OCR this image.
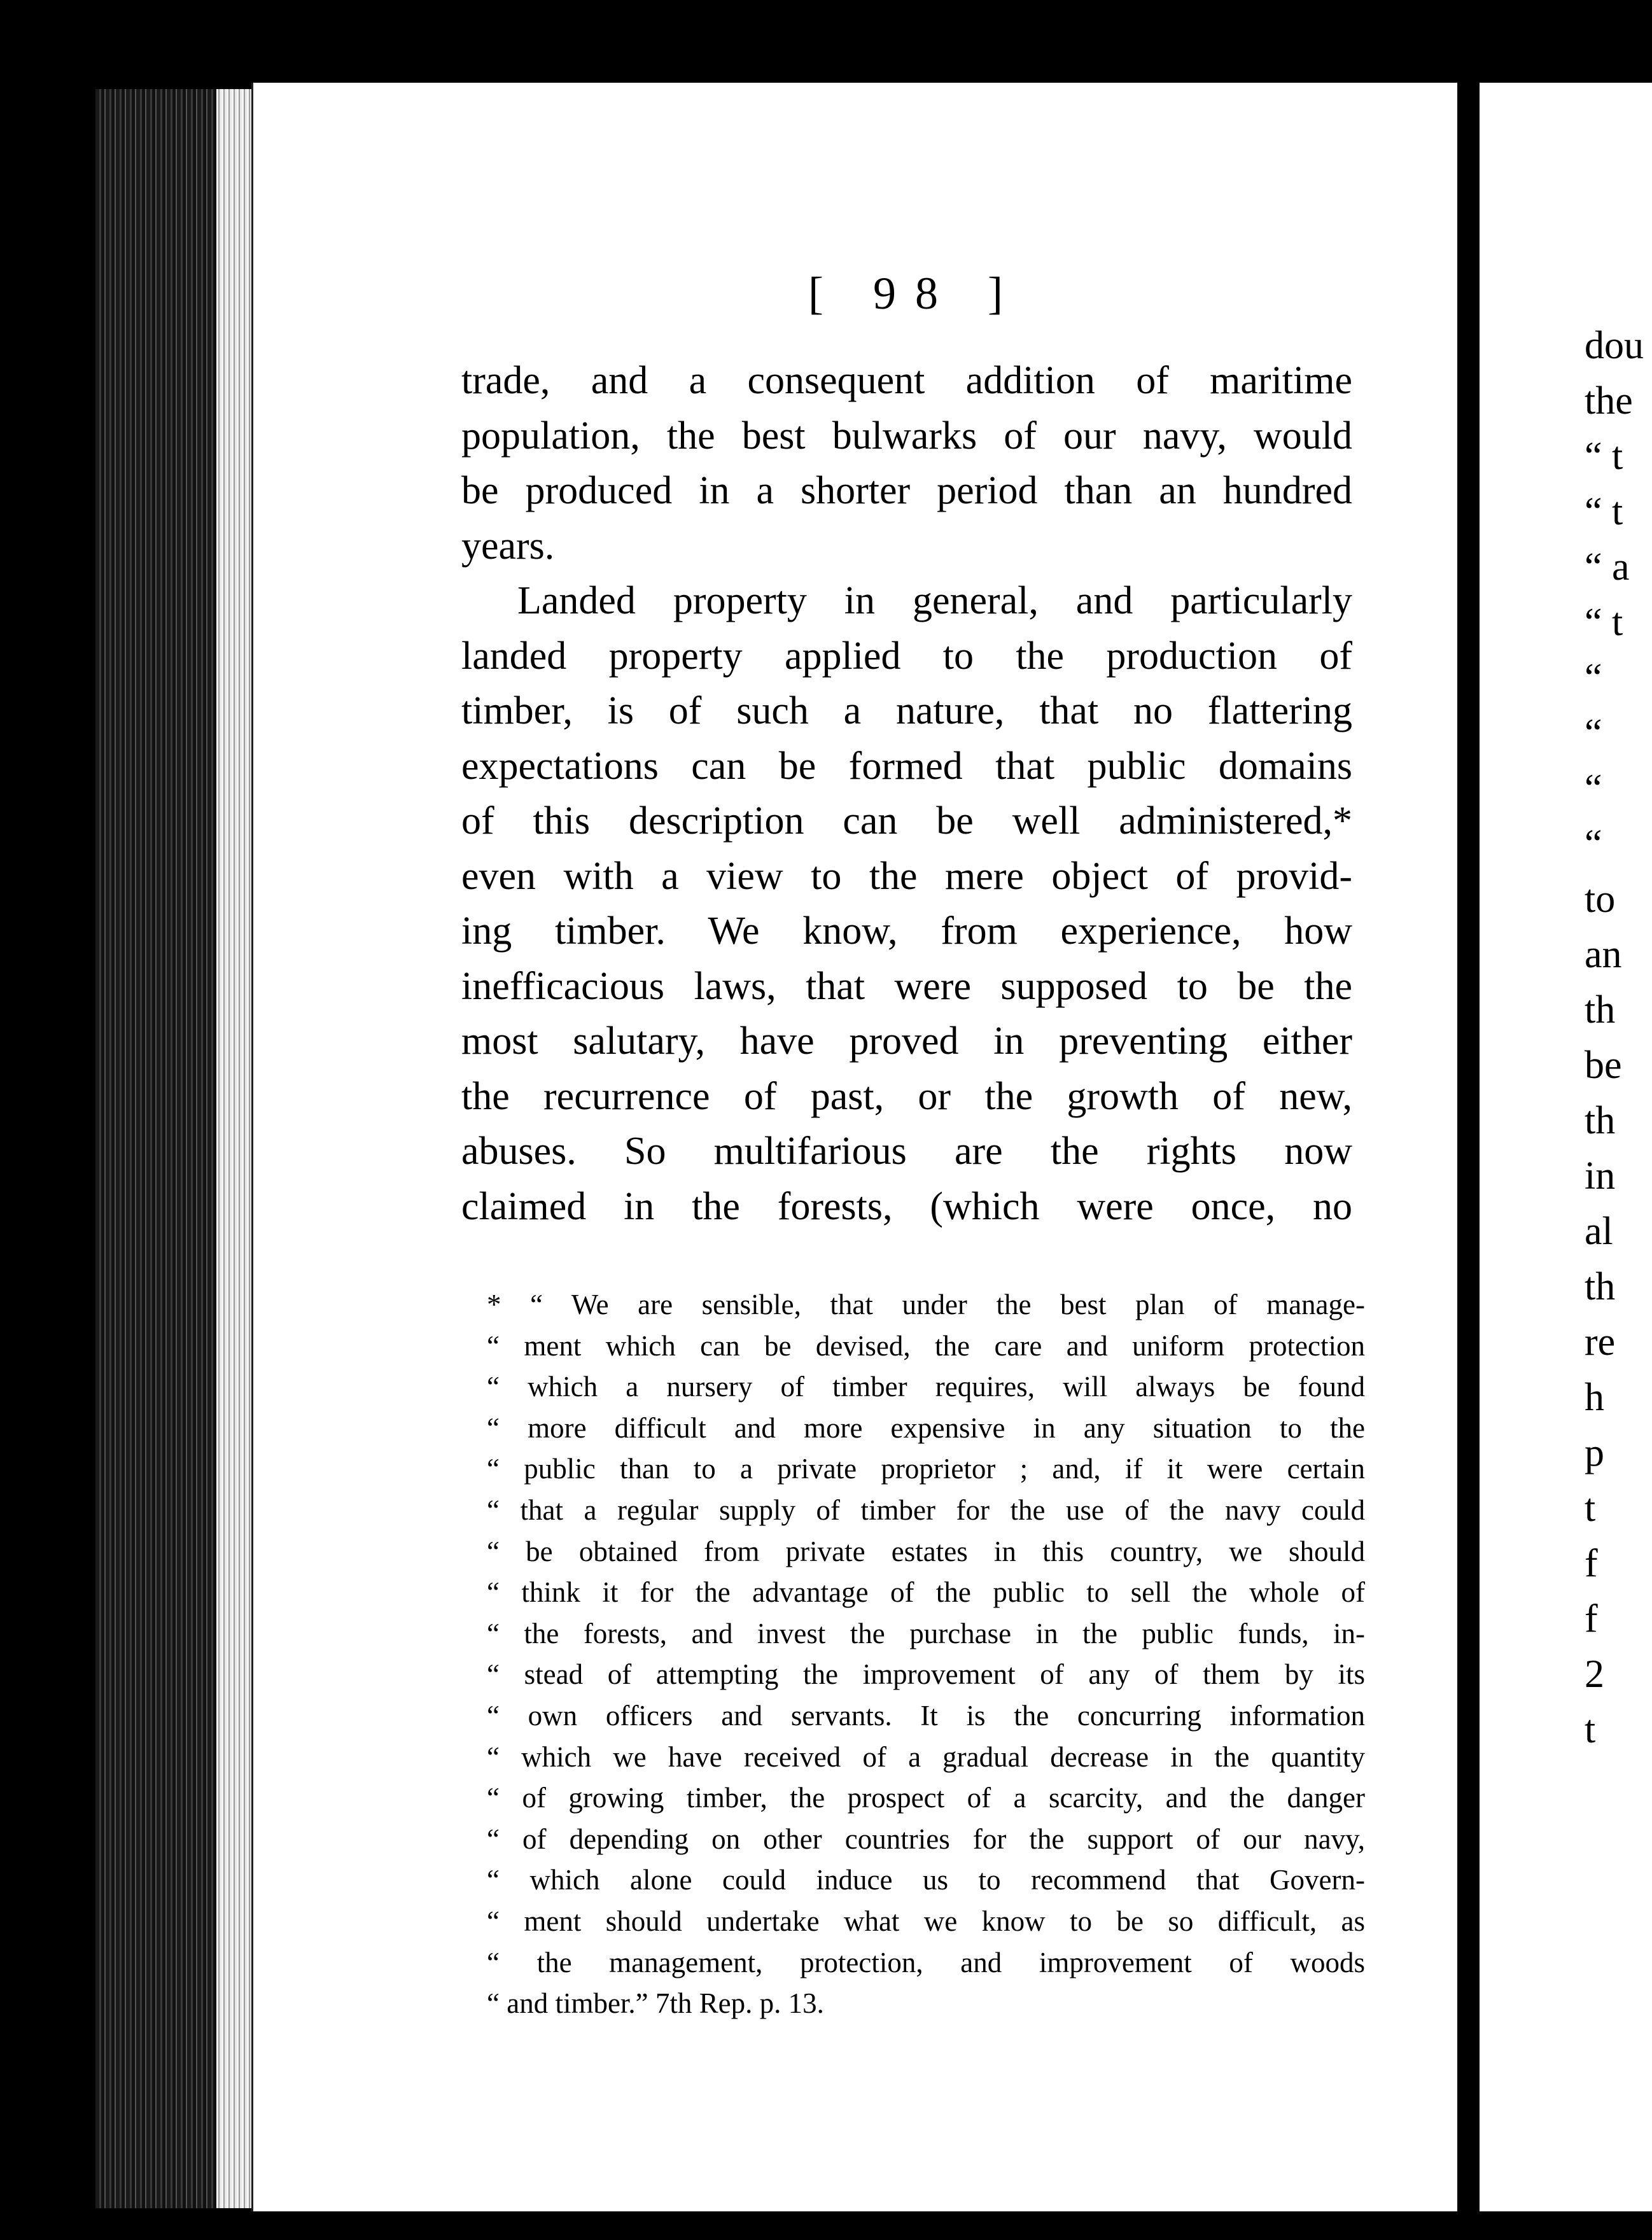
[ 98 ]
trade, and a consequent addition of maritime
population, the best bulwarks of our navy, would
be produced in a shorter period than an hundred
years.
Landed property in general, and particularly
landed property applied to the production of
timber, is of such a nature, that no flattering
expectations can be formed that public domains
of this description can be well administered,*
even with a view to the mere object of provid-
ing timber. We know, from experience, how
inefficacious laws, that were supposed to be the
most salutary, have proved in preventing either
the recurrence of past, or the growth of new,
abuses. So multifarious are the rights now
claimed in the forests, (which were once, no
* “ We are sensible, that under the best plan of manage-
“ ment which can be devised, the care and uniform protection
“ which a nursery of timber requires, will always be found
“ more difficult and more expensive in any situation to the
“ public than to a private proprietor ; and, if it were certain
“ that a regular supply of timber for the use of the navy could
“ be obtained from private estates in this country, we should
“ think it for the advantage of the public to sell the whole of
“ the forests, and invest the purchase in the public funds, in-
“ stead of attempting the improvement of any of them by its
“ own officers and servants. It is the concurring information
“ which we have received of a gradual decrease in the quantity
“ of growing timber, the prospect of a scarcity, and the danger
“ of depending on other countries for the support of our navy,
“ which alone could induce us to recommend that Govern-
“ ment should undertake what we know to be so difficult, as
“ the management, protection, and improvement of woods
“ and timber.” 7th Rep. p. 13.
dou
the
“ t
“ t
“ a
“ t
“
“
“
“
to
an
th
be
th
in
al
th
re
h
p
t
f
f
2
t
